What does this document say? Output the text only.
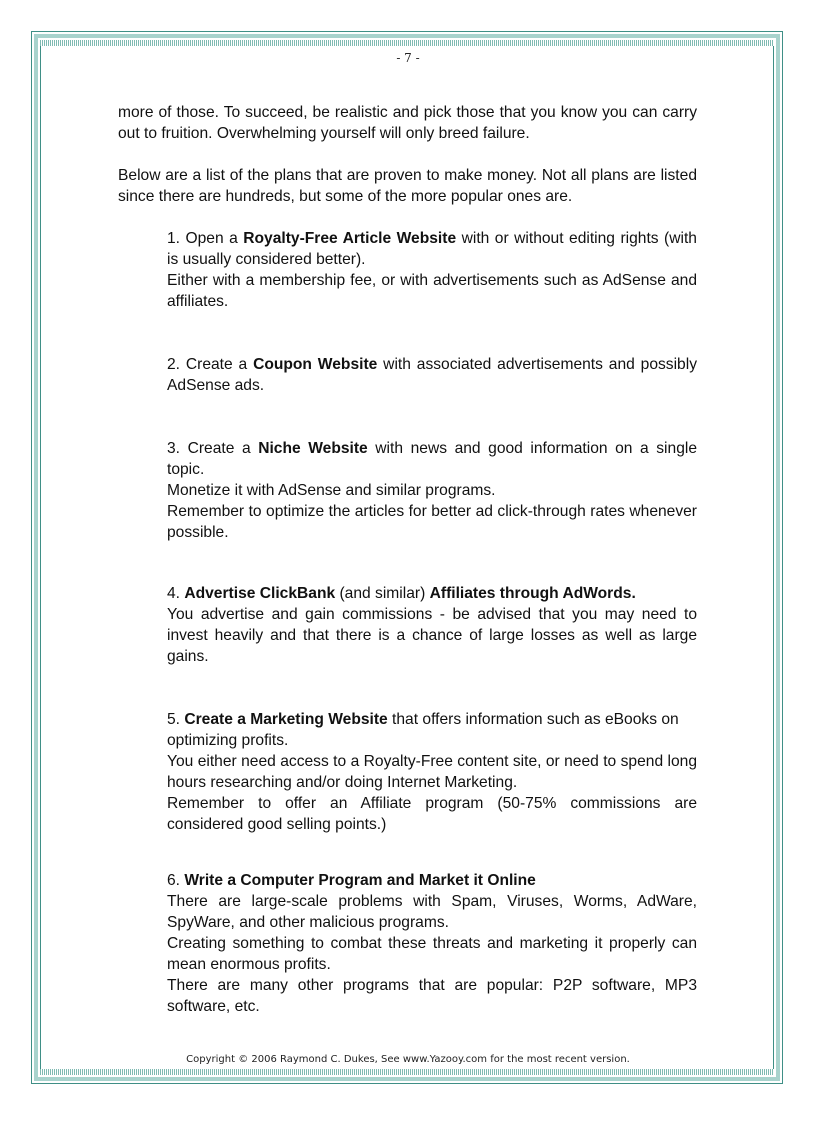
- 7 -

more of those. To succeed, be realistic and pick those that you know you can carry out to fruition. Overwhelming yourself will only breed failure.

Below are a list of the plans that are proven to make money. Not all plans are listed since there are hundreds, but some of the more popular ones are.

1. Open a Royalty-Free Article Website with or without editing rights (with is usually considered better).

Either with a membership fee, or with advertisements such as AdSense and affiliates.

2. Create a Coupon Website with associated advertisements and possibly AdSense ads.

3. Create a Niche Website with news and good information on a single topic.

Monetize it with AdSense and similar programs.

Remember to optimize the articles for better ad click-through rates whenever possible.

4. Advertise ClickBank (and similar) Affiliates through AdWords.

You advertise and gain commissions - be advised that you may need to invest heavily and that there is a chance of large losses as well as large gains.

5. Create a Marketing Website that offers information such as eBooks on optimizing profits.

You either need access to a Royalty-Free content site, or need to spend long hours researching and/or doing Internet Marketing.

Remember to offer an Affiliate program (50-75% commissions are considered good selling points.)

6. Write a Computer Program and Market it Online

There are large-scale problems with Spam, Viruses, Worms, AdWare, SpyWare, and other malicious programs.

Creating something to combat these threats and marketing it properly can mean enormous profits.

There are many other programs that are popular: P2P software, MP3 software, etc.

Copyright © 2006 Raymond C. Dukes, See www.Yazooy.com for the most recent version.
